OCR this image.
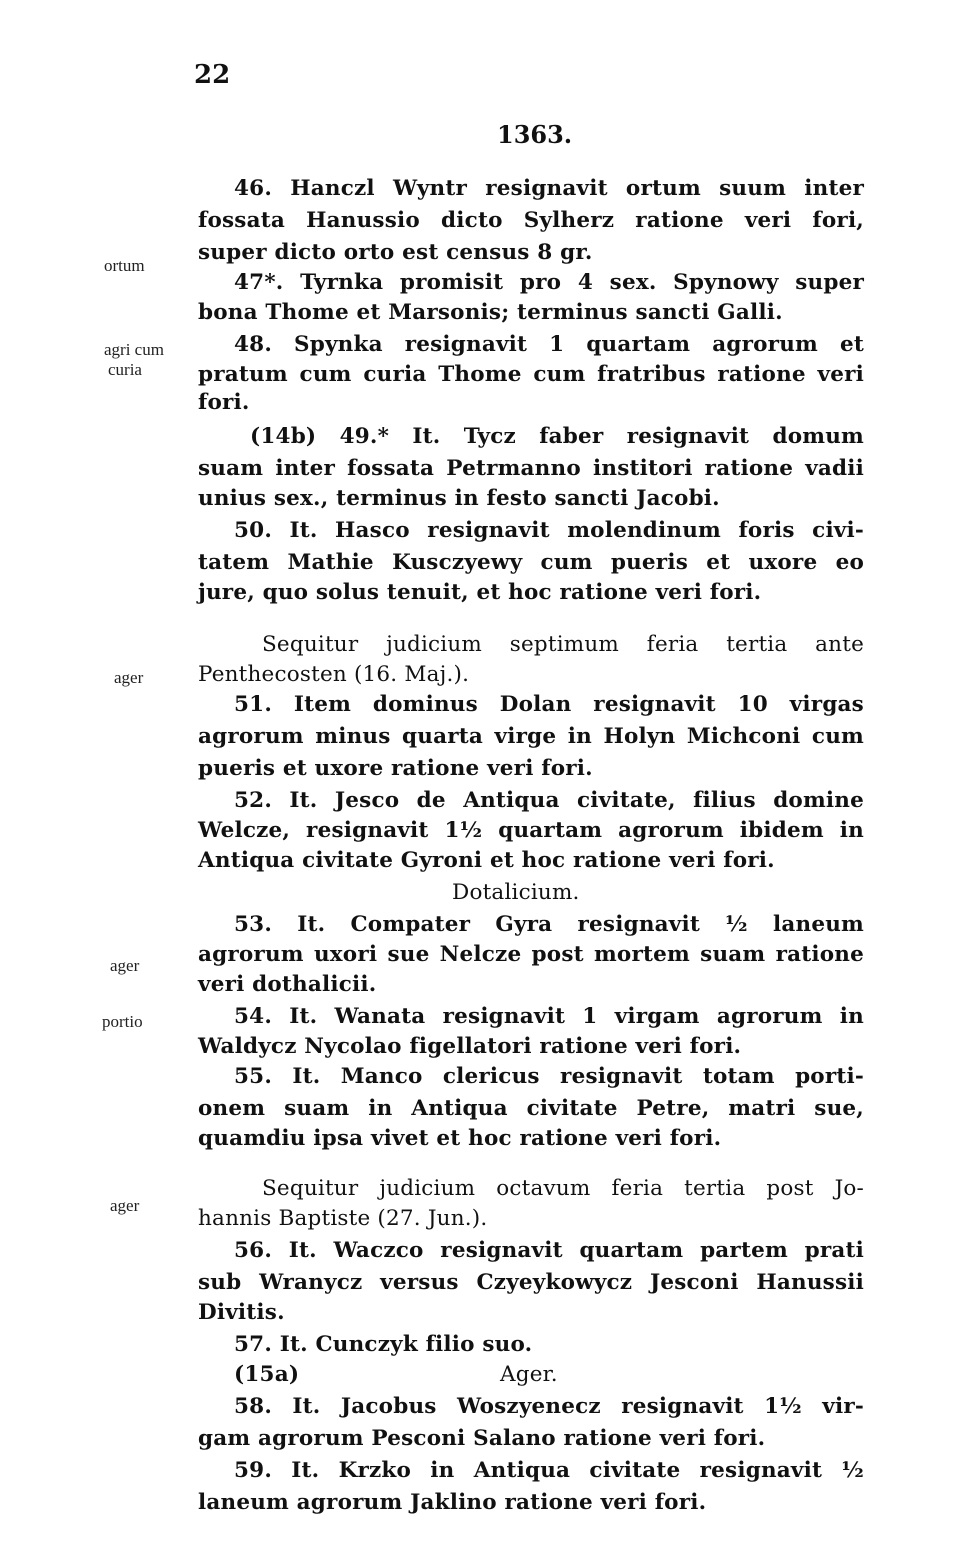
22
1363.
ortum
agri cum
curia
ager
ager
portio
ager
46. Hanczl Wyntr resignavit ortum suum inter
fossata Hanussio dicto Sylherz ratione veri fori,
super dicto orto est census 8 gr.
47*. Tyrnka promisit pro 4 sex. Spynowy super
bona Thome et Marsonis; terminus sancti Galli.
48. Spynka resignavit 1 quartam agrorum et
pratum cum curia Thome cum fratribus ratione veri
fori.
(14b) 49.* It. Tycz faber resignavit domum
suam inter fossata Petrmanno institori ratione vadii
unius sex., terminus in festo sancti Jacobi.
50. It. Hasco resignavit molendinum foris civi-
tatem Mathie Kusczyewy cum pueris et uxore eo
jure, quo solus tenuit, et hoc ratione veri fori.
Sequitur judicium septimum feria tertia ante
Penthecosten (16. Maj.).
51. Item dominus Dolan resignavit 10 virgas
agrorum minus quarta virge in Holyn Michconi cum
pueris et uxore ratione veri fori.
52. It. Jesco de Antiqua civitate, filius domine
Welcze, resignavit 1½ quartam agrorum ibidem in
Antiqua civitate Gyroni et hoc ratione veri fori.
Dotalicium.
53. It. Compater Gyra resignavit ½ laneum
agrorum uxori sue Nelcze post mortem suam ratione
veri dothalicii.
54. It. Wanata resignavit 1 virgam agrorum in
Waldycz Nycolao figellatori ratione veri fori.
55. It. Manco clericus resignavit totam porti-
onem suam in Antiqua civitate Petre, matri sue,
quamdiu ipsa vivet et hoc ratione veri fori.
Sequitur judicium octavum feria tertia post Jo-
hannis Baptiste (27. Jun.).
56. It. Waczco resignavit quartam partem prati
sub Wranycz versus Czyeykowycz Jesconi Hanussii
Divitis.
57. It. Cunczyk filio suo.
(15a)	Ager.
58. It. Jacobus Woszyenecz resignavit 1½ vir-
gam agrorum Pesconi Salano ratione veri fori.
59. It. Krzko in Antiqua civitate resignavit ½
laneum agrorum Jaklino ratione veri fori.
